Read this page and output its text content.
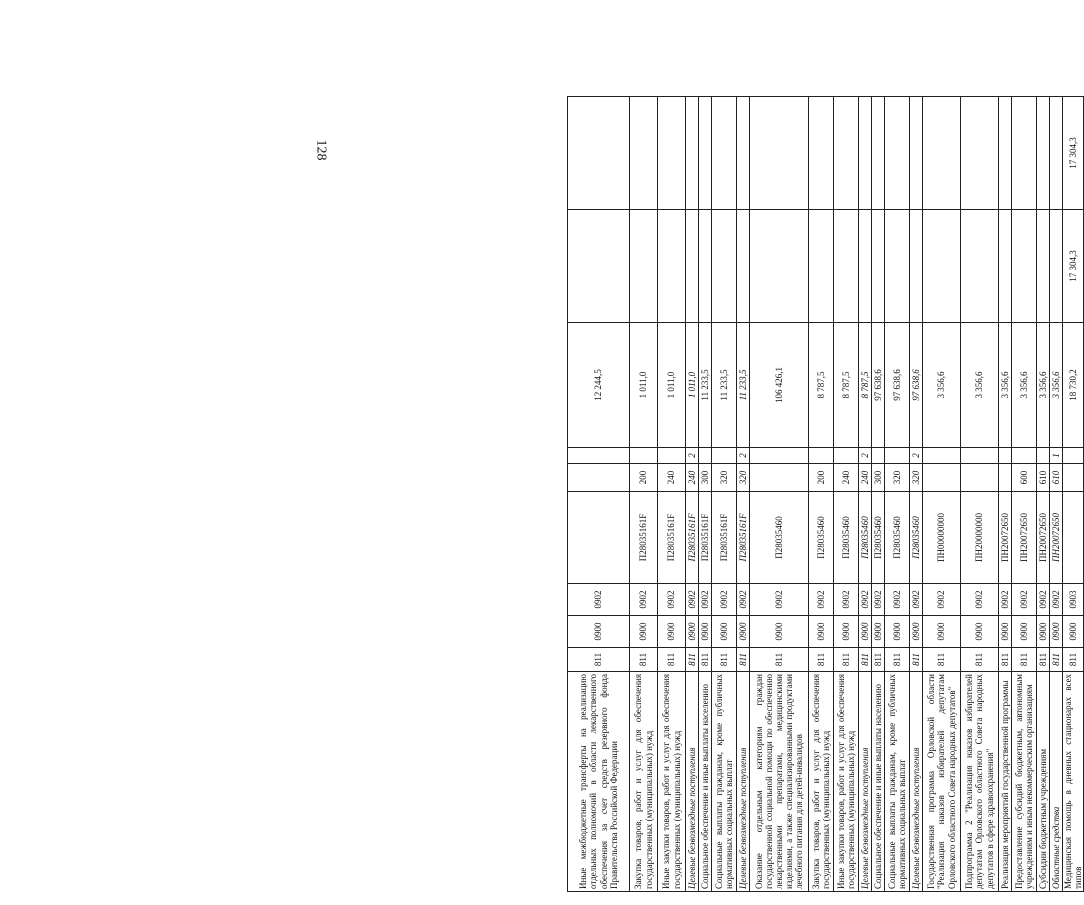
128
Иные межбюджетные трансферты на реализацию отдельных полномочий в области лекарственного обеспечения за счет средств резервного фонда Правительства Российской Федерации	811	0900	0902				12 244,5		
Закупка товаров, работ и услуг для обеспечения государственных (муниципальных) нужд	811	0900	0902	П28035161F	200		1 011,0		
Иные закупки товаров, работ и услуг для обеспечения государственных (муниципальных) нужд	811	0900	0902	П28035161F	240		1 011,0		
Целевые безвозмездные поступления	811	0900	0902	П28035161F	240	2	1 011,0		
Социальное обеспечение и иные выплаты населению	811	0900	0902	П28035161F	300		11 233,5		
Социальные выплаты гражданам, кроме публичных нормативных социальных выплат	811	0900	0902	П28035161F	320		11 233,5		
Целевые безвозмездные поступления	811	0900	0902	П28035161F	320	2	11 233,5		
Оказание отдельным категориям граждан государственной социальной помощи по обеспечению лекарственными препаратами, медицинскими изделиями, а также специализированными продуктами лечебного питания для детей-инвалидов	811	0900	0902	П28035460			106 426,1		
Закупка товаров, работ и услуг для обеспечения государственных (муниципальных) нужд	811	0900	0902	П28035460	200		8 787,5		
Иные закупки товаров, работ и услуг для обеспечения государственных (муниципальных) нужд	811	0900	0902	П28035460	240		8 787,5		
Целевые безвозмездные поступления	811	0900	0902	П28035460	240	2	8 787,5		
Социальное обеспечение и иные выплаты населению	811	0900	0902	П28035460	300		97 638,6		
Социальные выплаты гражданам, кроме публичных нормативных социальных выплат	811	0900	0902	П28035460	320		97 638,6		
Целевые безвозмездные поступления	811	0900	0902	П28035460	320	2	97 638,6		
Государственная программа Орловской области "Реализация наказов избирателей депутатам Орловского областного Совета народных депутатов"	811	0900	0902	ПН00000000			3 356,6		
Подпрограмма 2 "Реализация наказов избирателей депутатам Орловского областного Совета народных депутатов в сфере здравоохранения"	811	0900	0902	ПН20000000			3 356,6		
Реализация мероприятий государственной программы	811	0900	0902	ПН20072650			3 356,6		
Предоставление субсидий бюджетным, автономным учреждениям и иным некоммерческим организациям	811	0900	0902	ПН20072650	600		3 356,6		
Субсидии бюджетным учреждениям	811	0900	0902	ПН20072650	610		3 356,6		
Областные средства	811	0900	0902	ПН20072650	610	1	3 356,6		
Медицинская помощь в дневных стационарах всех типов	811	0900	0903				18 730,2	17 304,3	17 304,3
